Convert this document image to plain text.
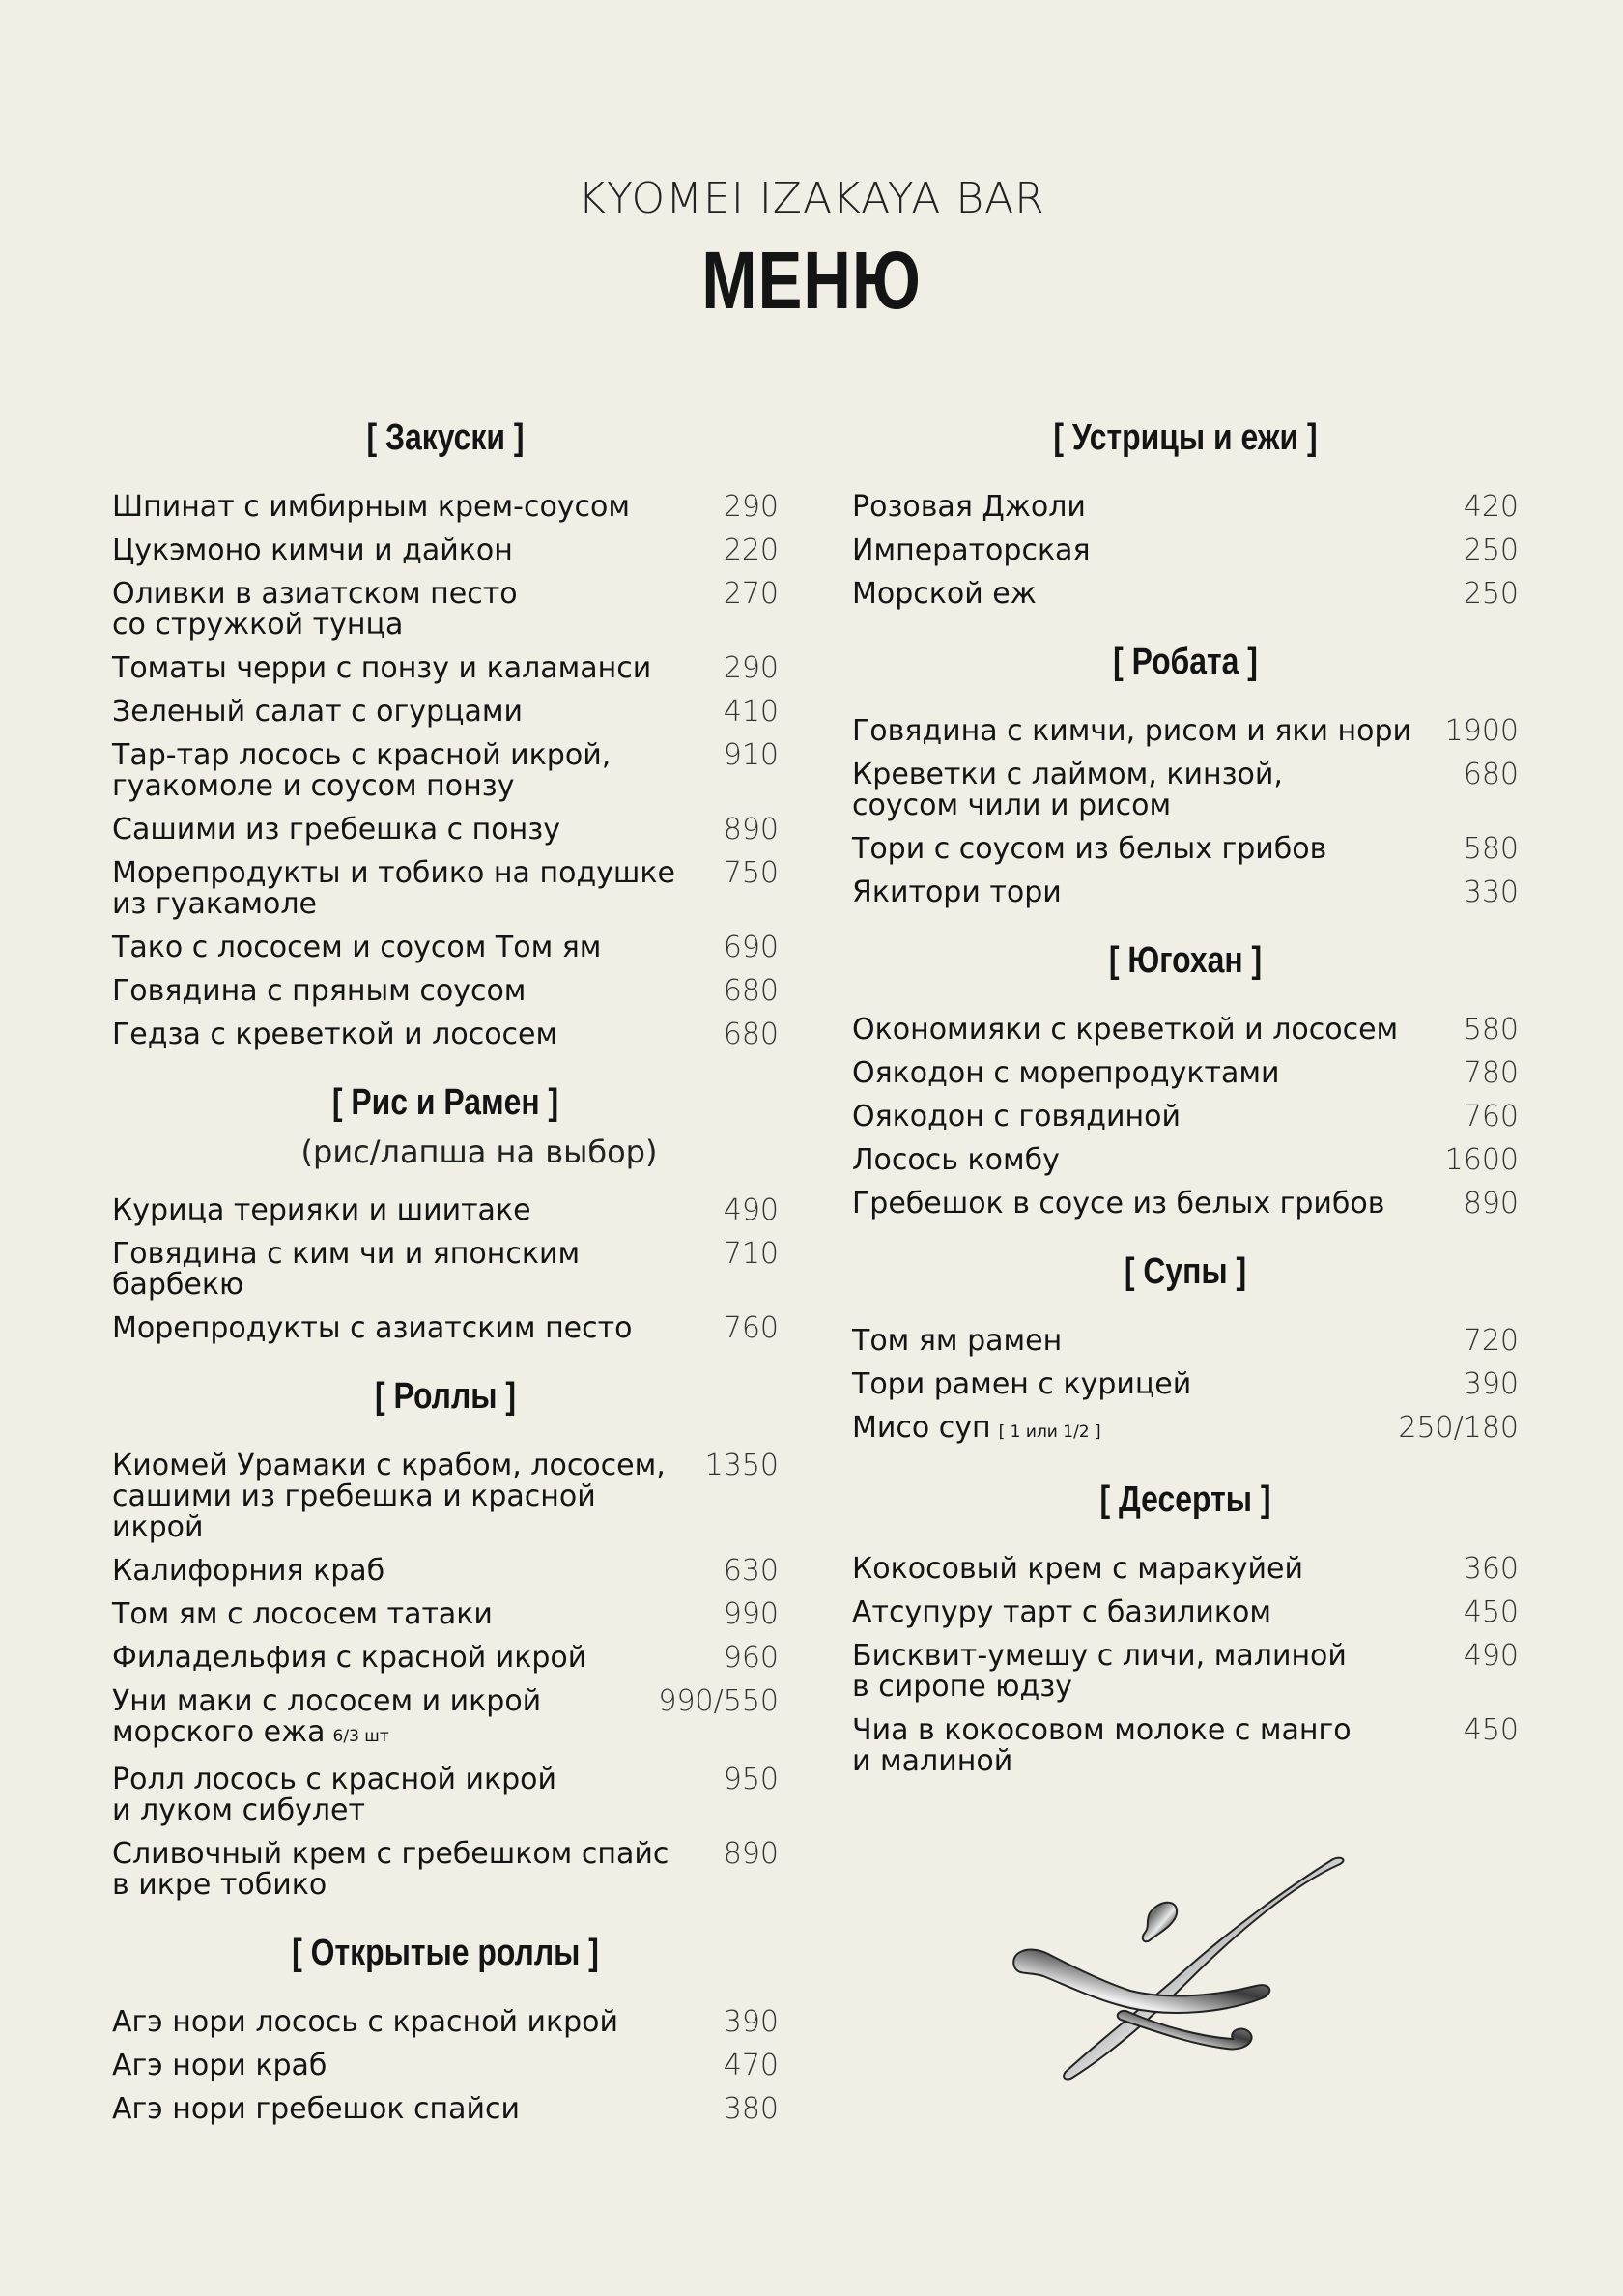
KYOMEI IZAKAYA BAR
МЕНЮ
[ Закуски ]
Шпинат с имбирным крем-соусом	290
Цукэмоно кимчи и дайкон	220
Оливки в азиатском песто
со стружкой тунца
270
Томаты черри с понзу и каламанси	290
Зеленый салат с огурцами	410
Тар-тар лосось с красной икрой,
гуакомоле и соусом понзу
910
Сашими из гребешка с понзу	890
Морепродукты и тобико на подушке
из гуакамоле
750
Тако с лососем и соусом Том ям	690
Говядина с пряным соусом	680
Гедза с креветкой и лососем	680
[ Рис и Рамен ]
(рис/лапша на выбор)
Курица терияки и шиитаке	490
Говядина с ким чи и японским барбекю
710
Морепродукты с азиатским песто	760
[ Роллы ]
Киомей Урамаки с крабом, лососем,
сашими из гребешка и красной икрой
1350
Калифорния краб	630
Том ям с лососем татаки	990
Филадельфия с красной икрой	960
Уни маки с лососем и икрой
морского ежа 6/3 шт
990/550
Ролл лосось с красной икрой
и луком сибулет
950
Сливочный крем с гребешком спайс
в икре тобико
890
[ Открытые роллы ]
Агэ нори лосось с красной икрой	390
Агэ нори краб	470
Агэ нори гребешок спайси	380
[ Устрицы и ежи ]
Розовая Джоли	420
Императорская	250
Морской еж	250
[ Робата ]
Говядина с кимчи, рисом и яки нори	1900
Креветки с лаймом, кинзой,
соусом чили и рисом
680
Тори с соусом из белых грибов	580
Якитори тори	330
[ Югохан ]
Окономияки с креветкой и лососем	580
Оякодон с морепродуктами	780
Оякодон с говядиной	760
Лосось комбу	1600
Гребешок в соусе из белых грибов	890
[ Супы ]
Том ям рамен	720
Тори рамен с курицей	390
Мисо суп [ 1 или 1/2 ]	250/180
[ Десерты ]
Кокосовый крем с маракуйей	360
Атсупуру тарт с базиликом	450
Бисквит-умешу с личи, малиной
в сиропе юдзу
490
Чиа в кокосовом молоке с манго
и малиной
450
